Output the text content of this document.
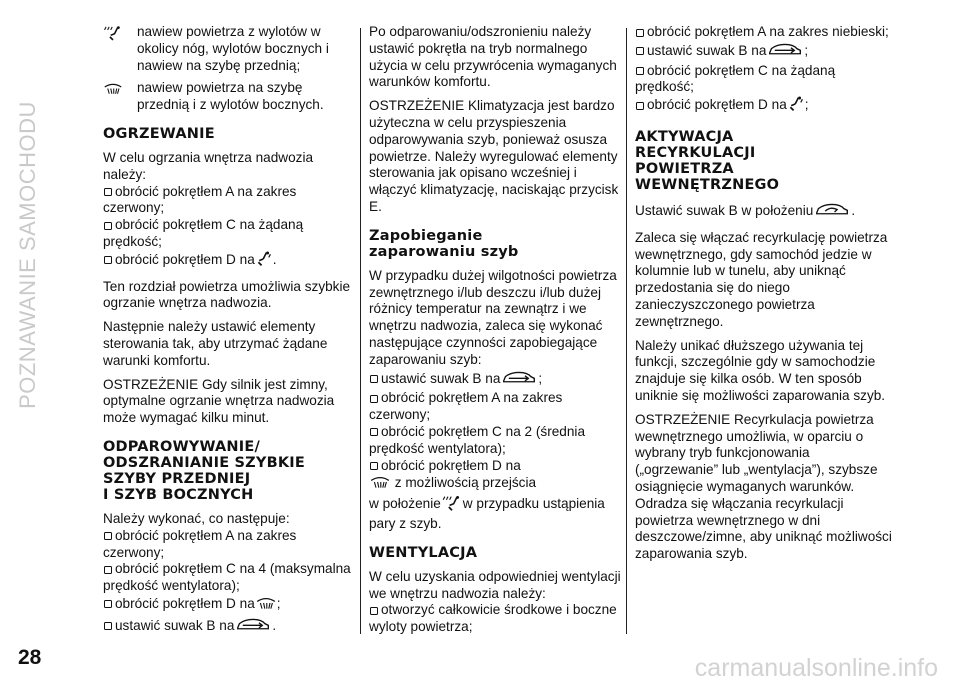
POZNAWANIE SAMOCHODU
nawiew powietrza z wylotów w okolicy nóg, wylotów bocznych i nawiew na szybę przednią;
nawiew powietrza na szybę przednią i z wylotów bocznych.
OGRZEWANIE

W celu ogrzania wnętrza nadwozia należy:

obrócić pokrętłem A na zakres czerwony;
obrócić pokrętłem C na żądaną prędkość;
obrócić pokrętłem D na .

Ten rozdział powietrza umożliwia szybkie ogrzanie wnętrza nadwozia.

Następnie należy ustawić elementy sterowania tak, aby utrzymać żądane warunki komfortu.

OSTRZEŻENIE Gdy silnik jest zimny, optymalne ogrzanie wnętrza nadwozia może wymagać kilku minut.

ODPAROWYWANIE/
ODSZRANIANIE SZYBKIE
SZYBY PRZEDNIEJ
I SZYB BOCZNYCH

Należy wykonać, co następuje:

obrócić pokrętłem A na zakres czerwony;
obrócić pokrętłem C na 4 (maksymalna prędkość wentylatora);
obrócić pokrętłem D na ;
ustawić suwak B na	.

Po odparowaniu/odszronieniu należy ustawić pokrętła na tryb normalnego użycia w celu przywrócenia wymaganych warunków komfortu.

OSTRZEŻENIE Klimatyzacja jest bardzo użyteczna w celu przyspieszenia odparowywania szyb, ponieważ osusza powietrze. Należy wyregulować elementy sterowania jak opisano wcześniej i włączyć klimatyzację, naciskając przycisk E.

Zapobieganie
zaparowaniu szyb

W przypadku dużej wilgotności powietrza zewnętrznego i/lub deszczu i/lub dużej różnicy temperatur na zewnątrz i we wnętrzu nadwozia, zaleca się wykonać następujące czynności zapobiegające zaparowaniu szyb:

ustawić suwak B na	;
obrócić pokrętłem A na zakres czerwony;
obrócić pokrętłem C na 2 (średnia prędkość wentylatora);
obrócić pokrętłem D na
z możliwością przejścia
w położenie w przypadku ustąpienia pary z szyb.
WENTYLACJA

W celu uzyskania odpowiedniej wentylacji we wnętrzu nadwozia należy:

otworzyć całkowicie środkowe i boczne wyloty powietrza;
obrócić pokrętłem A na zakres niebieski;
ustawić suwak B na	;
obrócić pokrętłem C na żądaną prędkość;
obrócić pokrętłem D na ;
AKTYWACJA
RECYRKULACJI
POWIETRZA
WEWNĘTRZNEGO

Ustawić suwak B w położeniu	.

Zaleca się włączać recyrkulację powietrza wewnętrznego, gdy samochód jedzie w kolumnie lub w tunelu, aby uniknąć przedostania się do niego zanieczyszczonego powietrza zewnętrznego.

Należy unikać dłuższego używania tej funkcji, szczególnie gdy w samochodzie znajduje się kilka osób. W ten sposób uniknie się możliwości zaparowania szyb.

OSTRZEŻENIE Recyrkulacja powietrza wewnętrznego umożliwia, w oparciu o wybrany tryb funkcjonowania („ogrzewanie” lub „wentylacja”), szybsze osiągnięcie wymaganych warunków. Odradza się włączania recyrkulacji powietrza wewnętrznego w dni deszczowe/zimne, aby uniknąć możliwości zaparowania szyb.

28	carmanualsonline.info
